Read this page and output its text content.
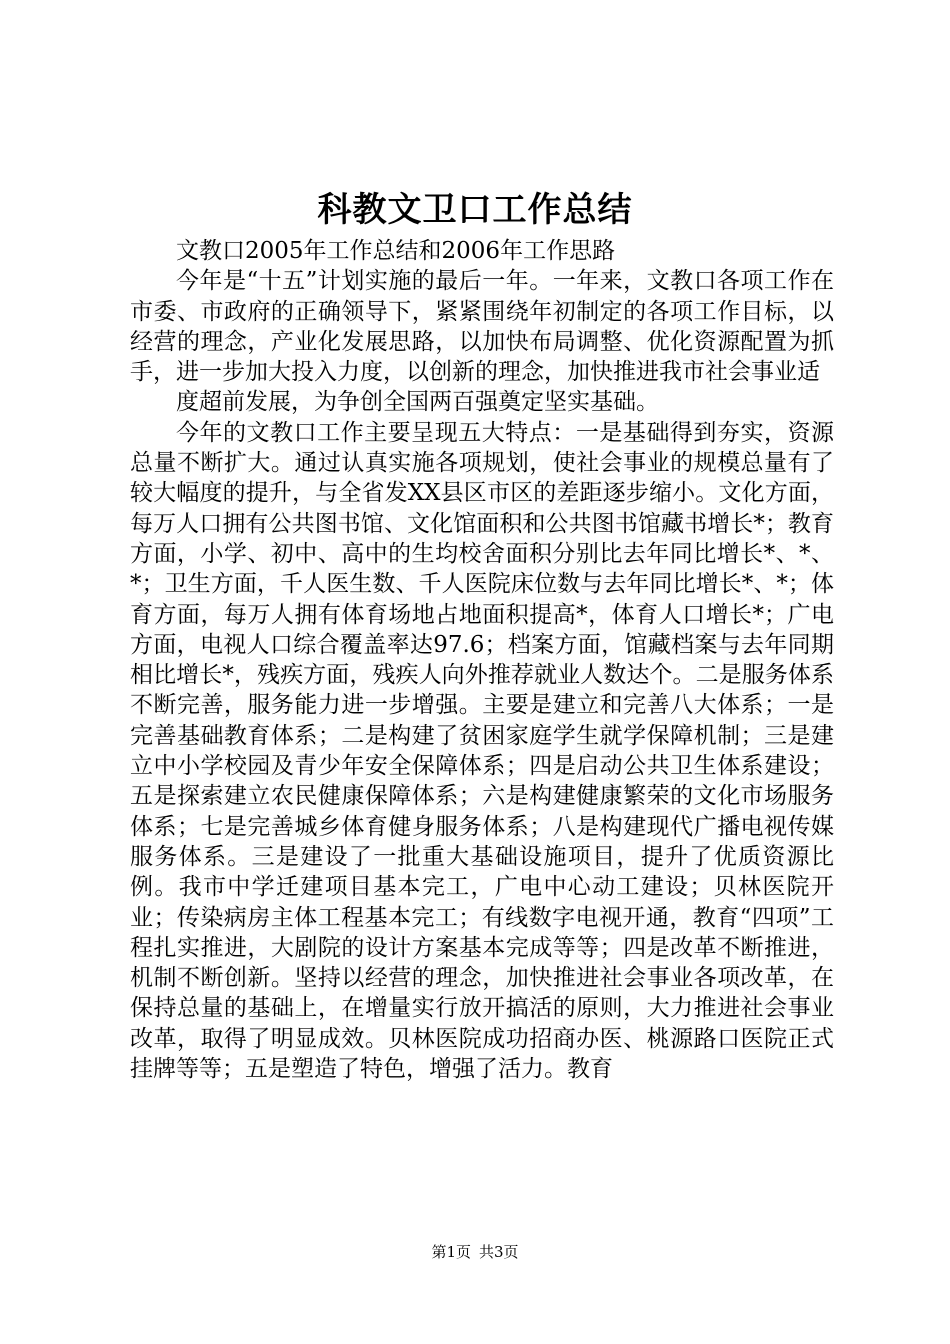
科教文卫口工作总结

文教口2005年工作总结和2006年工作思路

今年是“十五”计划实施的最后一年。一年来，文教口各项工作在市委、市政府的正确领导下，紧紧围绕年初制定的各项工作目标，以经营的理念，产业化发展思路，以加快布局调整、优化资源配置为抓手，进一步加大投入力度，以创新的理念，加快推进我市社会事业适

度超前发展，为争创全国两百强奠定坚实基础。

今年的文教口工作主要呈现五大特点：一是基础得到夯实，资源总量不断扩大。通过认真实施各项规划，使社会事业的规模总量有了较大幅度的提升，与全省发XX县区市区的差距逐步缩小。文化方面，每万人口拥有公共图书馆、文化馆面积和公共图书馆藏书增长*；教育方面，小学、初中、高中的生均校舍面积分别比去年同比增长*、*、*；卫生方面，千人医生数、千人医院床位数与去年同比增长*、*；体育方面，每万人拥有体育场地占地面积提高*，体育人口增长*；广电方面，电视人口综合覆盖率达97.6；档案方面，馆藏档案与去年同期相比增长*，残疾方面，残疾人向外推荐就业人数达个。二是服务体系不断完善，服务能力进一步增强。主要是建立和完善八大体系；一是完善基础教育体系；二是构建了贫困家庭学生就学保障机制；三是建立中小学校园及青少年安全保障体系；四是启动公共卫生体系建设；五是探索建立农民健康保障体系；六是构建健康繁荣的文化市场服务体系；七是完善城乡体育健身服务体系；八是构建现代广播电视传媒服务体系。三是建设了一批重大基础设施项目，提升了优质资源比例。我市中学迁建项目基本完工，广电中心动工建设；贝林医院开业；传染病房主体工程基本完工；有线数字电视开通，教育“四项”工程扎实推进，大剧院的设计方案基本完成等等；四是改革不断推进，机制不断创新。坚持以经营的理念，加快推进社会事业各项改革，在保持总量的基础上，在增量实行放开搞活的原则，大力推进社会事业改革，取得了明显成效。贝林医院成功招商办医、桃源路口医院正式挂牌等等；五是塑造了特色，增强了活力。教育

第1页 共3页
